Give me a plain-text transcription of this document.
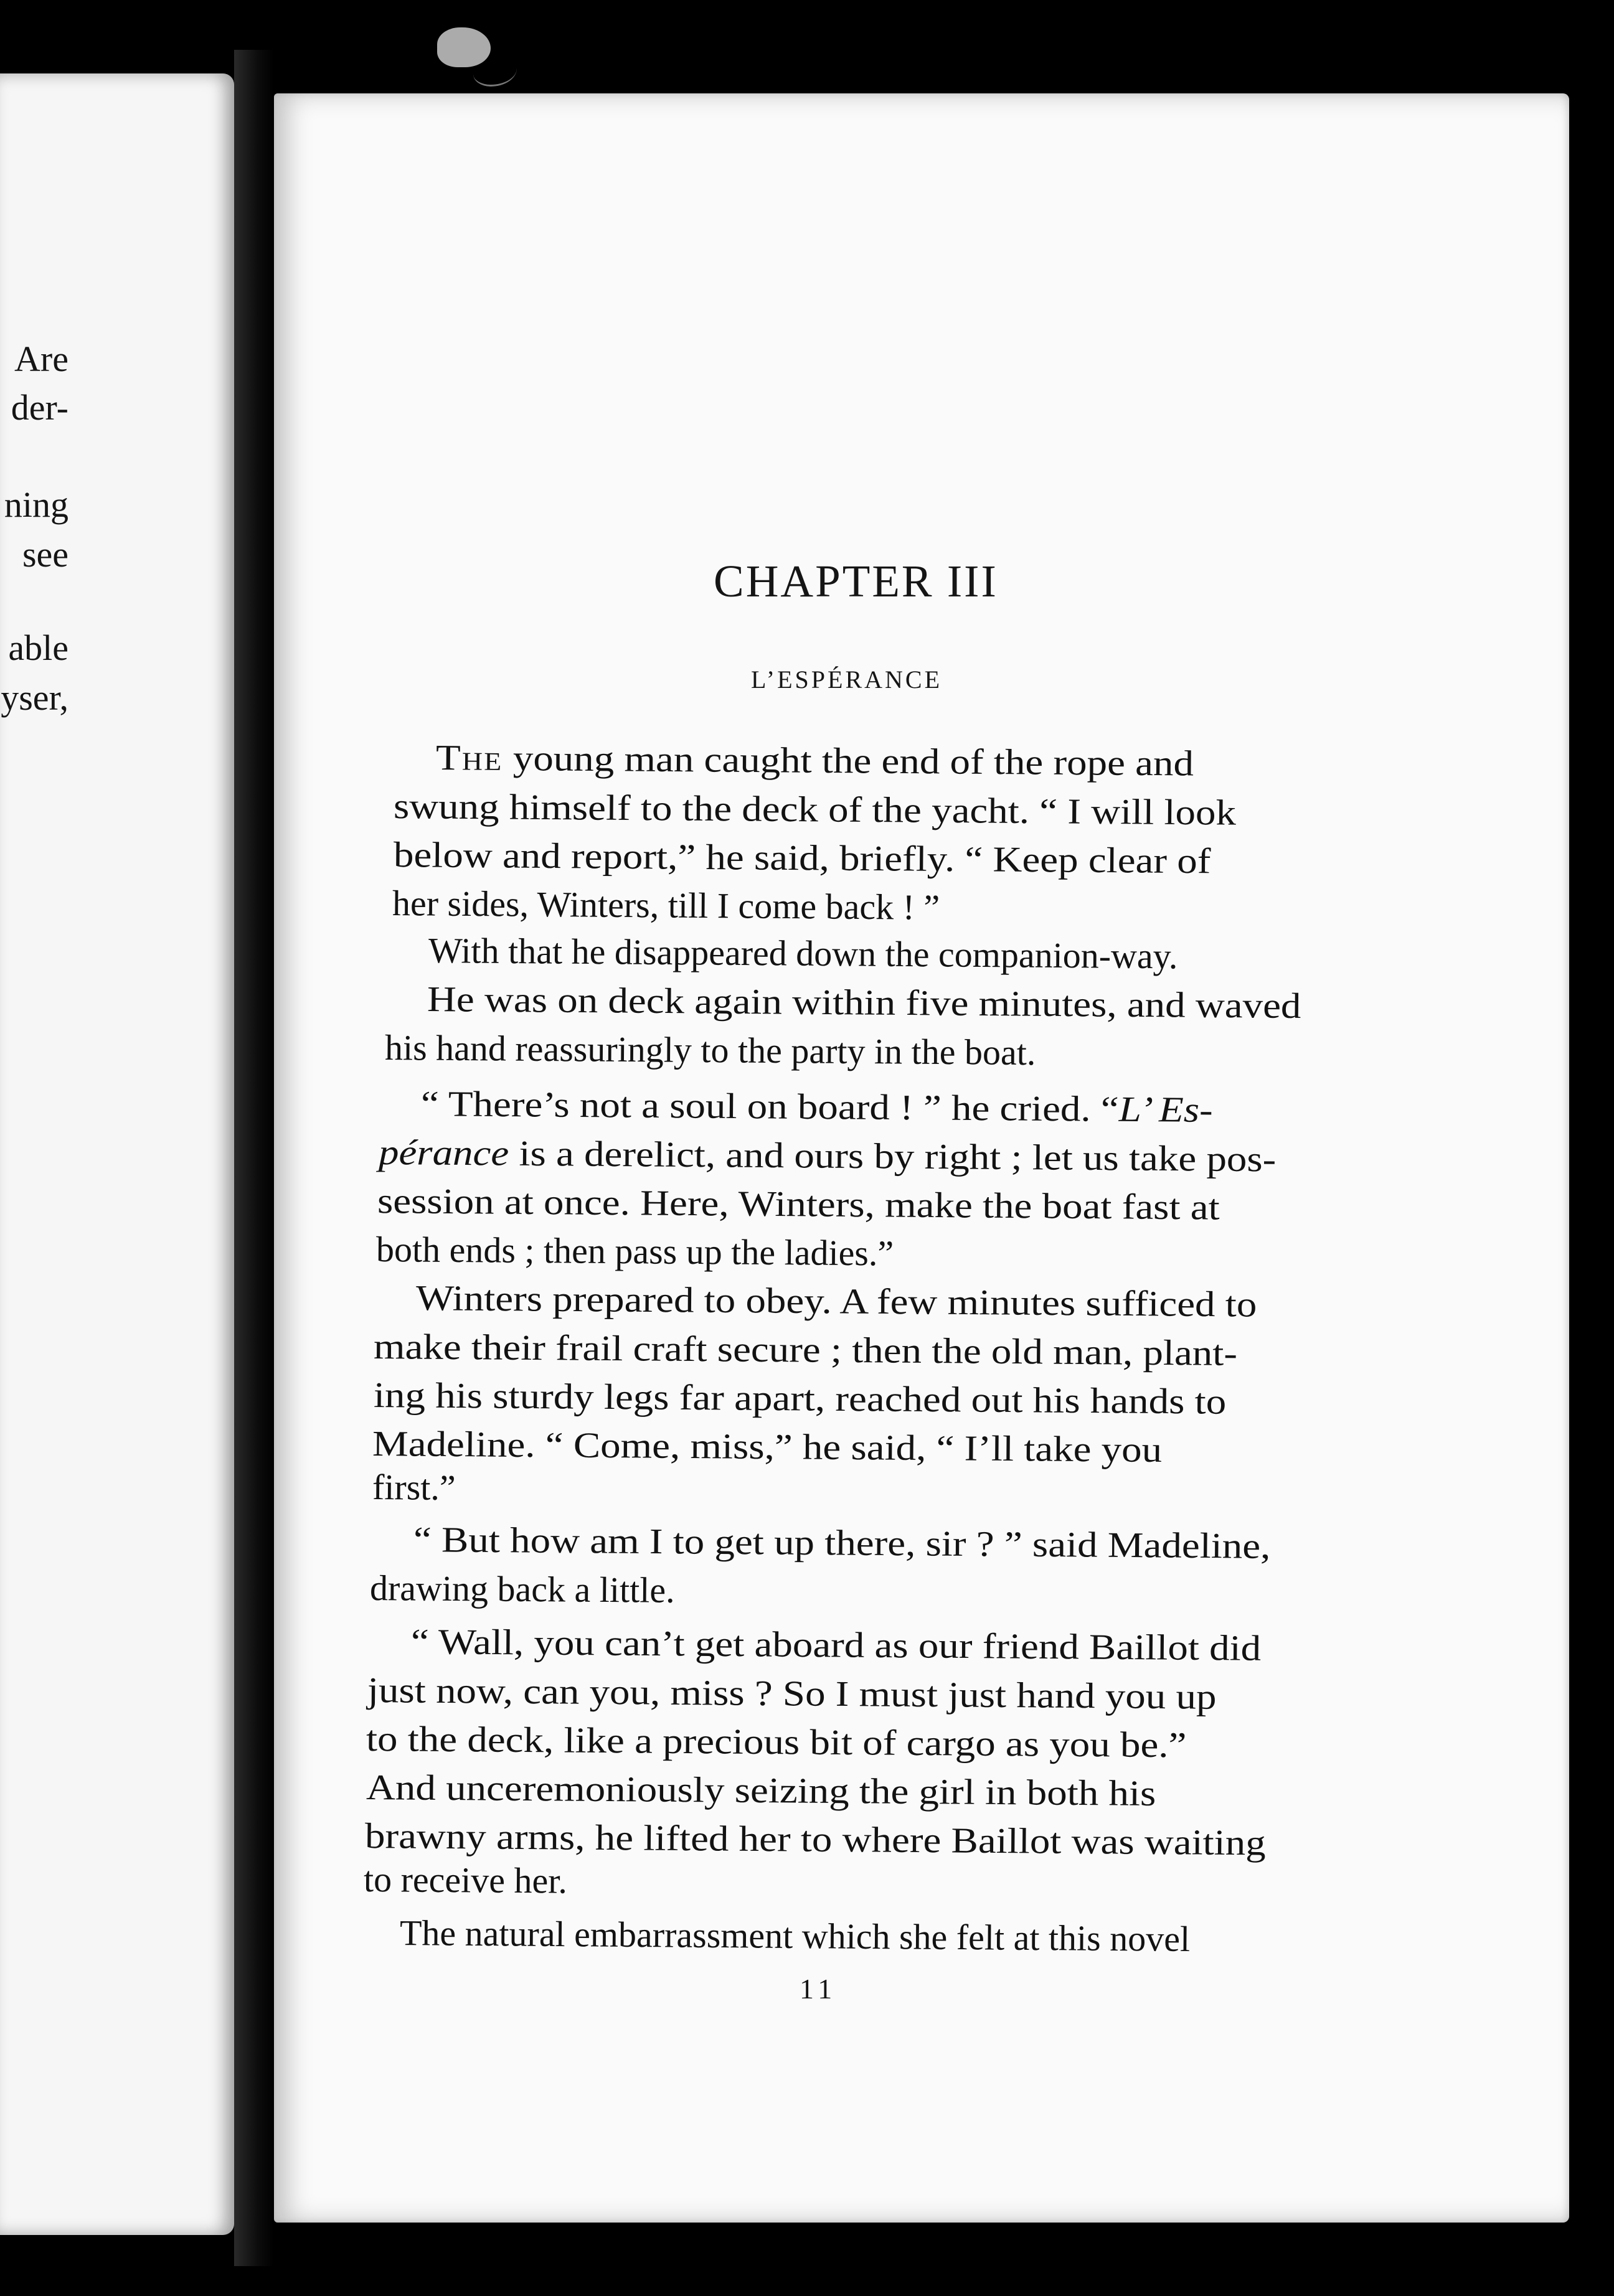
Are
der-
ning
see
able
yser,
CHAPTER III
L’ESPÉRANCE
The young man caught the end of the rope and
swung himself to the deck of the yacht. “ I will look
below and report,” he said, briefly. “ Keep clear of
her sides, Winters, till I come back ! ”
With that he disappeared down the companion-way.
He was on deck again within five minutes, and waved
his hand reassuringly to the party in the boat.
“ There’s not a soul on board ! ” he cried. “L’ Es-
pérance is a derelict, and ours by right ; let us take pos-
session at once. Here, Winters, make the boat fast at
both ends ; then pass up the ladies.”
Winters prepared to obey. A few minutes sufficed to
make their frail craft secure ; then the old man, plant-
ing his sturdy legs far apart, reached out his hands to
Madeline. “ Come, miss,” he said, “ I’ll take you
first.”
“ But how am I to get up there, sir ? ” said Madeline,
drawing back a little.
“ Wall, you can’t get aboard as our friend Baillot did
just now, can you, miss ? So I must just hand you up
to the deck, like a precious bit of cargo as you be.”
And unceremoniously seizing the girl in both his
brawny arms, he lifted her to where Baillot was waiting
to receive her.
The natural embarrassment which she felt at this novel
11
